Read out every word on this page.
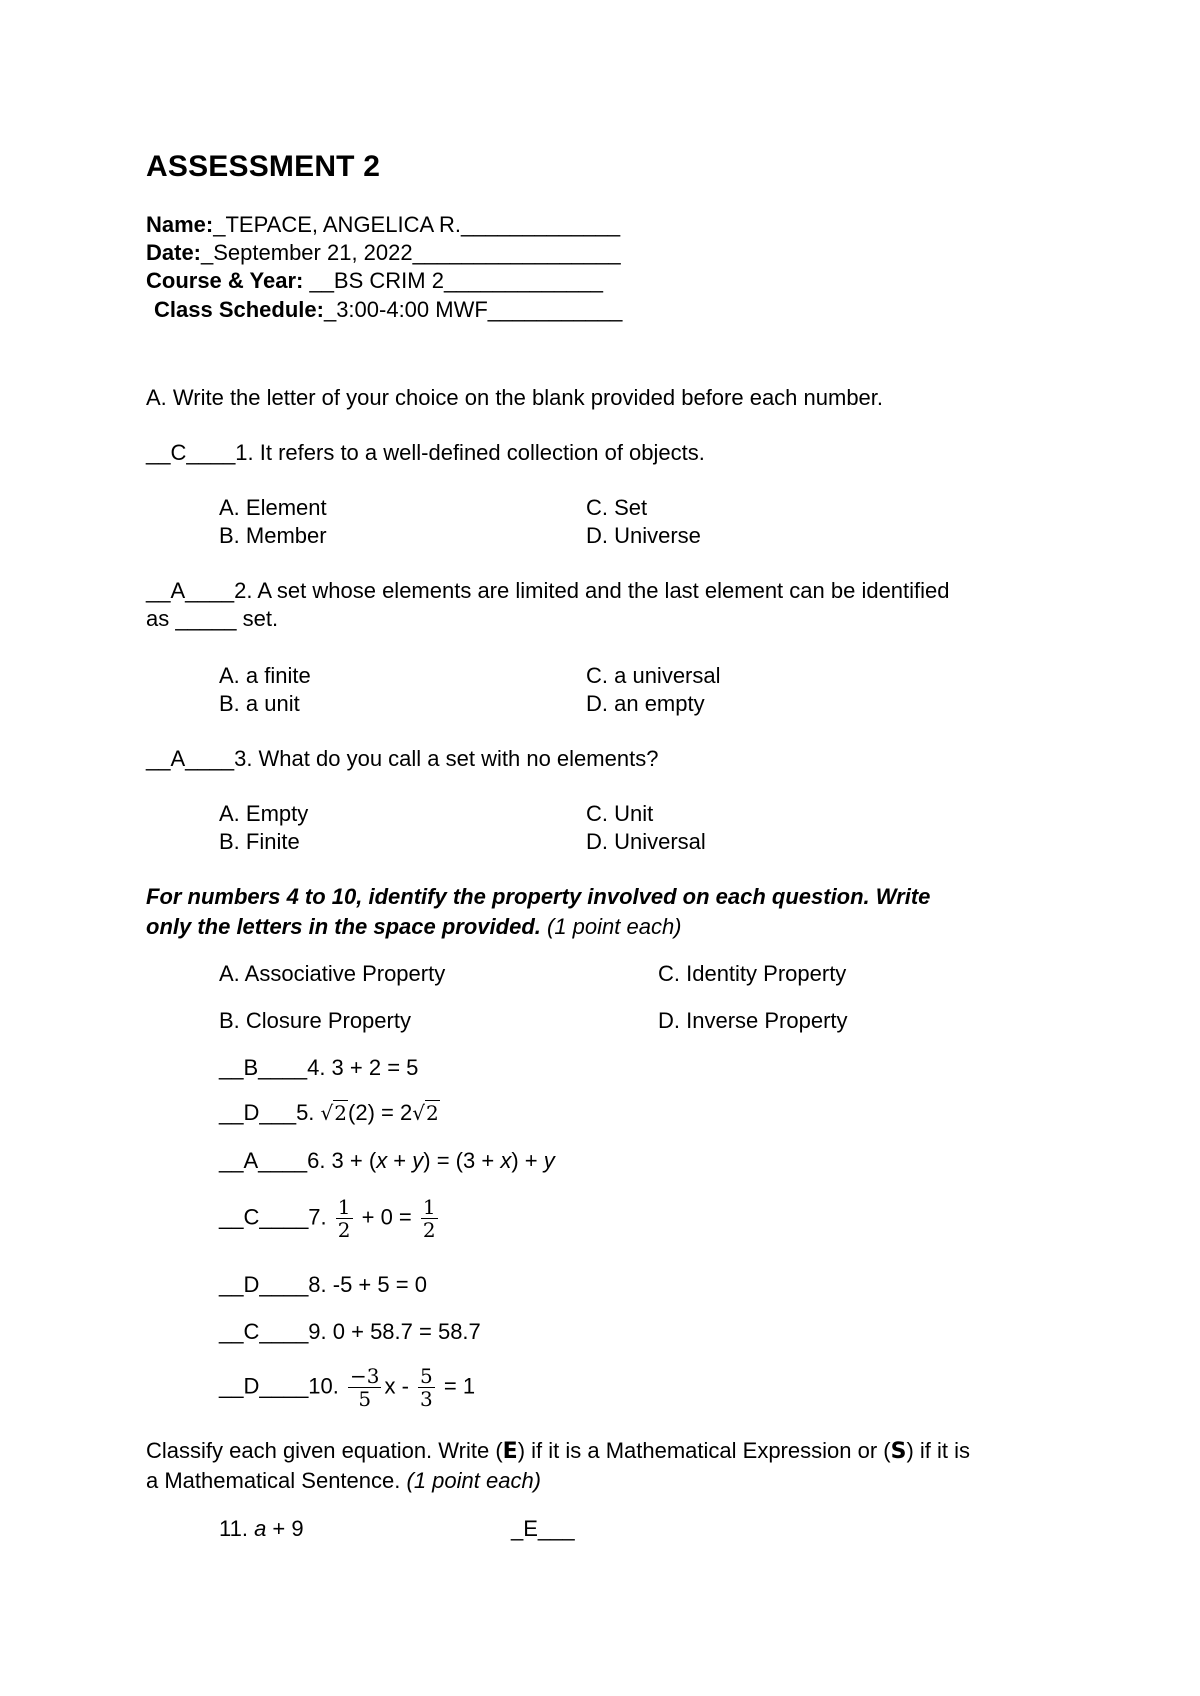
ASSESSMENT 2
Name:_TEPACE, ANGELICA R._____________
Date:_September 21, 2022_________________
Course & Year: __BS CRIM 2_____________
Class Schedule:_3:00-4:00 MWF___________
A. Write the letter of your choice on the blank provided before each number.
__C____1. It refers to a well-defined collection of objects.
A. Element
B. Member
C. Set
D. Universe
__A____2. A set whose elements are limited and the last element can be identified
as _____ set.
A. a finite
B. a unit
C. a universal
D. an empty
__A____3. What do you call a set with no elements?
A. Empty
B. Finite
C. Unit
D. Universal
For numbers 4 to 10, identify the property involved on each question. Write
only the letters in the space provided. (1 point each)
A. Associative Property	C. Identity Property
B. Closure Property	D. Inverse Property
__B____4. 3 + 2 = 5
__D___5. √2(2) = 2√2
__A____6. 3 + (x + y) = (3 + x) + y
__C____7. $\frac{1}{2} + 0 = \frac{1}{2}$
__D____8. -5 + 5 = 0
__C____9. 0 + 58.7 = 58.7
__D____10. $\frac{-3}{5}$ $x - \frac{5}{3} = 1$
Classify each given equation. Write (E) if it is a Mathematical Expression or (S) if it is
a Mathematical Sentence. (1 point each)
11. a + 9	_E___
